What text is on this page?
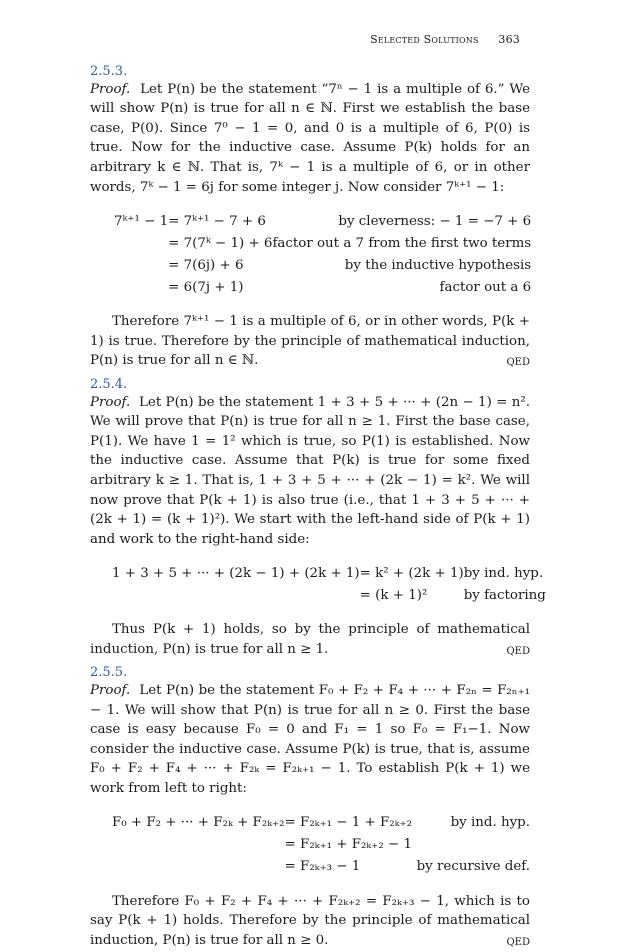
Selected Solutions 363

2.5.3.

Proof. Let P(n) be the statement “7ⁿ − 1 is a multiple of 6.” We will show P(n) is true for all n ∈ ℕ. First we establish the base case, P(0). Since 7⁰ − 1 = 0, and 0 is a multiple of 6, P(0) is true. Now for the inductive case. Assume P(k) holds for an arbitrary k ∈ ℕ. That is, 7ᵏ − 1 is a multiple of 6, or in other words, 7ᵏ − 1 = 6j for some integer j. Now consider 7ᵏ⁺¹ − 1:

7ᵏ⁺¹ − 1	= 7ᵏ⁺¹ − 7 + 6	by cleverness: − 1 = −7 + 6
	= 7(7ᵏ − 1) + 6	factor out a 7 from the first two terms
	= 7(6j) + 6	by the inductive hypothesis
	= 6(7j + 1)	factor out a 6

Therefore 7ᵏ⁺¹ − 1 is a multiple of 6, or in other words, P(k + 1) is true. Therefore by the principle of mathematical induction, P(n) is true for all n ∈ ℕ.	QED

2.5.4.

Proof. Let P(n) be the statement 1 + 3 + 5 + ··· + (2n − 1) = n². We will prove that P(n) is true for all n ≥ 1. First the base case, P(1). We have 1 = 1² which is true, so P(1) is established. Now the inductive case. Assume that P(k) is true for some fixed arbitrary k ≥ 1. That is, 1 + 3 + 5 + ··· + (2k − 1) = k². We will now prove that P(k + 1) is also true (i.e., that 1 + 3 + 5 + ··· + (2k + 1) = (k + 1)²). We start with the left-hand side of P(k + 1) and work to the right-hand side:

1 + 3 + 5 + ··· + (2k − 1) + (2k + 1)	= k² + (2k + 1)	by ind. hyp.
	= (k + 1)²	by factoring

Thus P(k + 1) holds, so by the principle of mathematical induction, P(n) is true for all n ≥ 1.	QED

2.5.5.

Proof. Let P(n) be the statement F₀ + F₂ + F₄ + ··· + F₂ₙ = F₂ₙ₊₁ − 1. We will show that P(n) is true for all n ≥ 0. First the base case is easy because F₀ = 0 and F₁ = 1 so F₀ = F₁−1. Now consider the inductive case. Assume P(k) is true, that is, assume F₀ + F₂ + F₄ + ··· + F₂ₖ = F₂ₖ₊₁ − 1. To establish P(k + 1) we work from left to right:

F₀ + F₂ + ··· + F₂ₖ + F₂ₖ₊₂	= F₂ₖ₊₁ − 1 + F₂ₖ₊₂	by ind. hyp.
	= F₂ₖ₊₁ + F₂ₖ₊₂ − 1	
	= F₂ₖ₊₃ − 1	by recursive def.

Therefore F₀ + F₂ + F₄ + ··· + F₂ₖ₊₂ = F₂ₖ₊₃ − 1, which is to say P(k + 1) holds. Therefore by the principle of mathematical induction, P(n) is true for all n ≥ 0.	QED
